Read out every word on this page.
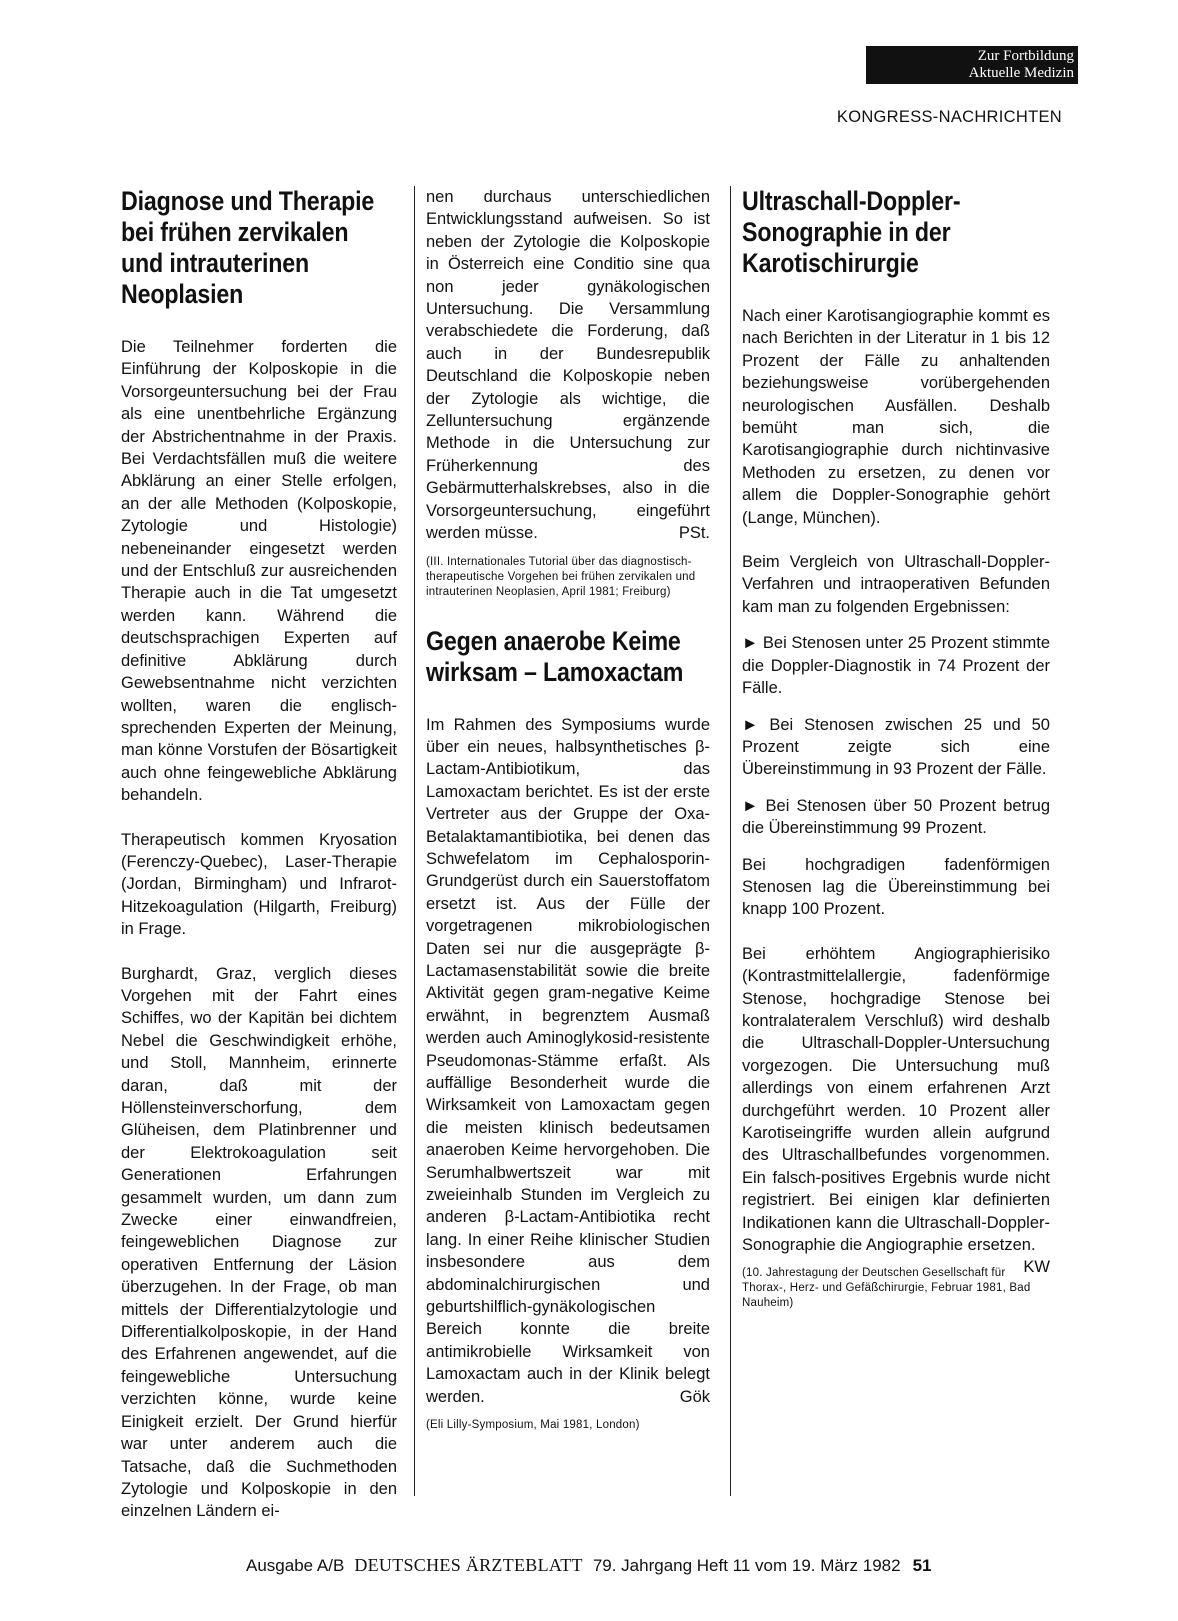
Zur Fortbildung
Aktuelle Medizin
KONGRESS-NACHRICHTEN
Diagnose und Therapie bei frühen zervikalen und intrauterinen Neoplasien

Die Teilnehmer forderten die Einführung der Kolposkopie in die Vorsorgeuntersuchung bei der Frau als eine unentbehrliche Ergänzung der Abstrichentnahme in der Praxis. Bei Verdachtsfällen muß die weitere Abklärung an einer Stelle erfolgen, an der alle Methoden (Kolposkopie, Zytologie und Histologie) nebeneinander eingesetzt werden und der Entschluß zur ausreichenden Therapie auch in die Tat umgesetzt werden kann. Während die deutschsprachigen Experten auf definitive Abklärung durch Gewebsentnahme nicht verzichten wollten, waren die englisch-sprechenden Experten der Meinung, man könne Vorstufen der Bösartigkeit auch ohne feingewebliche Abklärung behandeln.

Therapeutisch kommen Kryosation (Ferenczy-Quebec), Laser-Therapie (Jordan, Birmingham) und Infrarot-Hitzekoagulation (Hilgarth, Freiburg) in Frage.

Burghardt, Graz, verglich dieses Vorgehen mit der Fahrt eines Schiffes, wo der Kapitän bei dichtem Nebel die Geschwindigkeit erhöhe, und Stoll, Mannheim, erinnerte daran, daß mit der Höllensteinverschorfung, dem Glüheisen, dem Platinbrenner und der Elektrokoagulation seit Generationen Erfahrungen gesammelt wurden, um dann zum Zwecke einer einwandfreien, feingeweblichen Diagnose zur operativen Entfernung der Läsion überzugehen. In der Frage, ob man mittels der Differentialzytologie und Differentialkolposkopie, in der Hand des Erfahrenen angewendet, auf die feingewebliche Untersuchung verzichten könne, wurde keine Einigkeit erzielt. Der Grund hierfür war unter anderem auch die Tatsache, daß die Suchmethoden Zytologie und Kolposkopie in den einzelnen Ländern ei-

nen durchaus unterschiedlichen Entwicklungsstand aufweisen. So ist neben der Zytologie die Kolposkopie in Österreich eine Conditio sine qua non jeder gynäkologischen Untersuchung. Die Versammlung verabschiedete die Forderung, daß auch in der Bundesrepublik Deutschland die Kolposkopie neben der Zytologie als wichtige, die Zelluntersuchung ergänzende Methode in die Untersuchung zur Früherkennung des Gebärmutterhalskrebses, also in die Vorsorgeuntersuchung, eingeführt werden müsse.	PSt.

(III. Internationales Tutorial über das diagnostisch-therapeutische Vorgehen bei frühen zervikalen und intrauterinen Neoplasien, April 1981; Freiburg)
Gegen anaerobe Keime wirksam – Lamoxactam

Im Rahmen des Symposiums wurde über ein neues, halbsynthetisches β-Lactam-Antibiotikum, das Lamoxactam berichtet. Es ist der erste Vertreter aus der Gruppe der Oxa-Betalaktamantibiotika, bei denen das Schwefelatom im Cephalosporin-Grundgerüst durch ein Sauerstoffatom ersetzt ist. Aus der Fülle der vorgetragenen mikrobiologischen Daten sei nur die ausgeprägte β-Lactamasenstabilität sowie die breite Aktivität gegen gram-negative Keime erwähnt, in begrenztem Ausmaß werden auch Aminoglykosid-resistente Pseudomonas-Stämme erfaßt. Als auffällige Besonderheit wurde die Wirksamkeit von Lamoxactam gegen die meisten klinisch bedeutsamen anaeroben Keime hervorgehoben. Die Serumhalbwertszeit war mit zweieinhalb Stunden im Vergleich zu anderen β-Lactam-Antibiotika recht lang. In einer Reihe klinischer Studien insbesondere aus dem abdominalchirurgischen und geburtshilflich-gynäkologischen Bereich konnte die breite antimikrobielle Wirksamkeit von Lamoxactam auch in der Klinik belegt werden.	Gök

(Eli Lilly-Symposium, Mai 1981, London)
Ultraschall-Doppler-Sonographie in der Karotischirurgie

Nach einer Karotisangiographie kommt es nach Berichten in der Literatur in 1 bis 12 Prozent der Fälle zu anhaltenden beziehungsweise vorübergehenden neurologischen Ausfällen. Deshalb bemüht man sich, die Karotisangiographie durch nichtinvasive Methoden zu ersetzen, zu denen vor allem die Doppler-Sonographie gehört (Lange, München).

Beim Vergleich von Ultraschall-Doppler-Verfahren und intraoperativen Befunden kam man zu folgenden Ergebnissen:

► Bei Stenosen unter 25 Prozent stimmte die Doppler-Diagnostik in 74 Prozent der Fälle.

► Bei Stenosen zwischen 25 und 50 Prozent zeigte sich eine Übereinstimmung in 93 Prozent der Fälle.

► Bei Stenosen über 50 Prozent betrug die Übereinstimmung 99 Prozent.

Bei hochgradigen fadenförmigen Stenosen lag die Übereinstimmung bei knapp 100 Prozent.

Bei erhöhtem Angiographierisiko (Kontrastmittelallergie, fadenförmige Stenose, hochgradige Stenose bei kontralateralem Verschluß) wird deshalb die Ultraschall-Doppler-Untersuchung vorgezogen. Die Untersuchung muß allerdings von einem erfahrenen Arzt durchgeführt werden. 10 Prozent aller Karotiseingriffe wurden allein aufgrund des Ultraschallbefundes vorgenommen. Ein falsch-positives Ergebnis wurde nicht registriert. Bei einigen klar definierten Indikationen kann die Ultraschall-Doppler-Sonographie die Angiographie ersetzen.
KW

(10. Jahrestagung der Deutschen Gesellschaft für Thorax-, Herz- und Gefäßchirurgie, Februar 1981, Bad Nauheim)
Ausgabe A/B DEUTSCHES ÄRZTEBLATT 79. Jahrgang Heft 11 vom 19. März 1982 51
